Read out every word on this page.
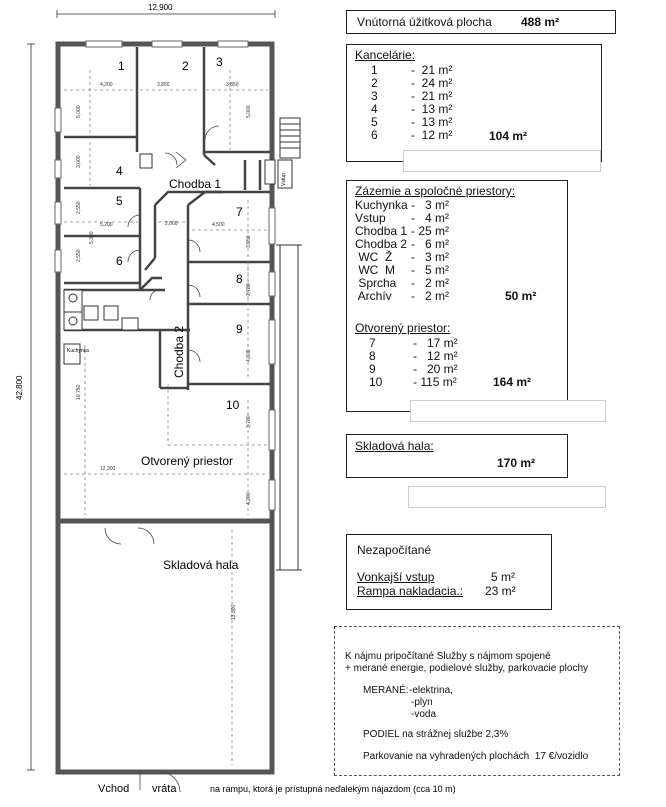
12,900
42,800
1	2 3
4
5
6
7
8
9
10
Chodba 1
Chodba 2
Otvorený priestor
Skladová hala
Vstup
Kuchynka
4,200	3,850	3,850
5,000	5,000
3,000
2,550
2,550
5,200
5,300
2,000	4,500
3,950
2,780
4,300
3,700
10,750
12,300
4,200
13,800
Vchod vráta	na rampu, ktorá je prístupná neďalekým nájazdom (cca 10 m)
Vnútorná úžitková plocha 488 m²
Kancelárie:
1	-  21 m²
2	-  24 m²
3	-  21 m²
4	-  13 m²
5	-  13 m²
6	-  12 m²	104 m²
Zázemie a spoločné priestory:
Kuchynka -   3 m²
Vstup -   4 m²
Chodba 1 - 25 m²
Chodba 2 -   6 m²
WC  Ž -   3 m²
WC  M -   5 m²
Sprcha -   2 m²
Archív -   2 m²	50 m²
Otvorený priestor:
7	-   17 m²
8	-   12 m²
9	-   20 m²
10	- 115 m²	164 m²
Skladová hala:
170 m²
Nezapočítané
Vonkajší vstup	5 m²
Rampa nakladacia.: 23 m²
K nájmu pripočítané Služby s nájmom spojené
+ merané energie, podielové služby, parkovacie plochy
MERANÉ: -elektrina,
-plyn
-voda
PODIEL na strážnej službe 2,3%
Parkovanie na vyhradených plochách  17 €/vozidlo
